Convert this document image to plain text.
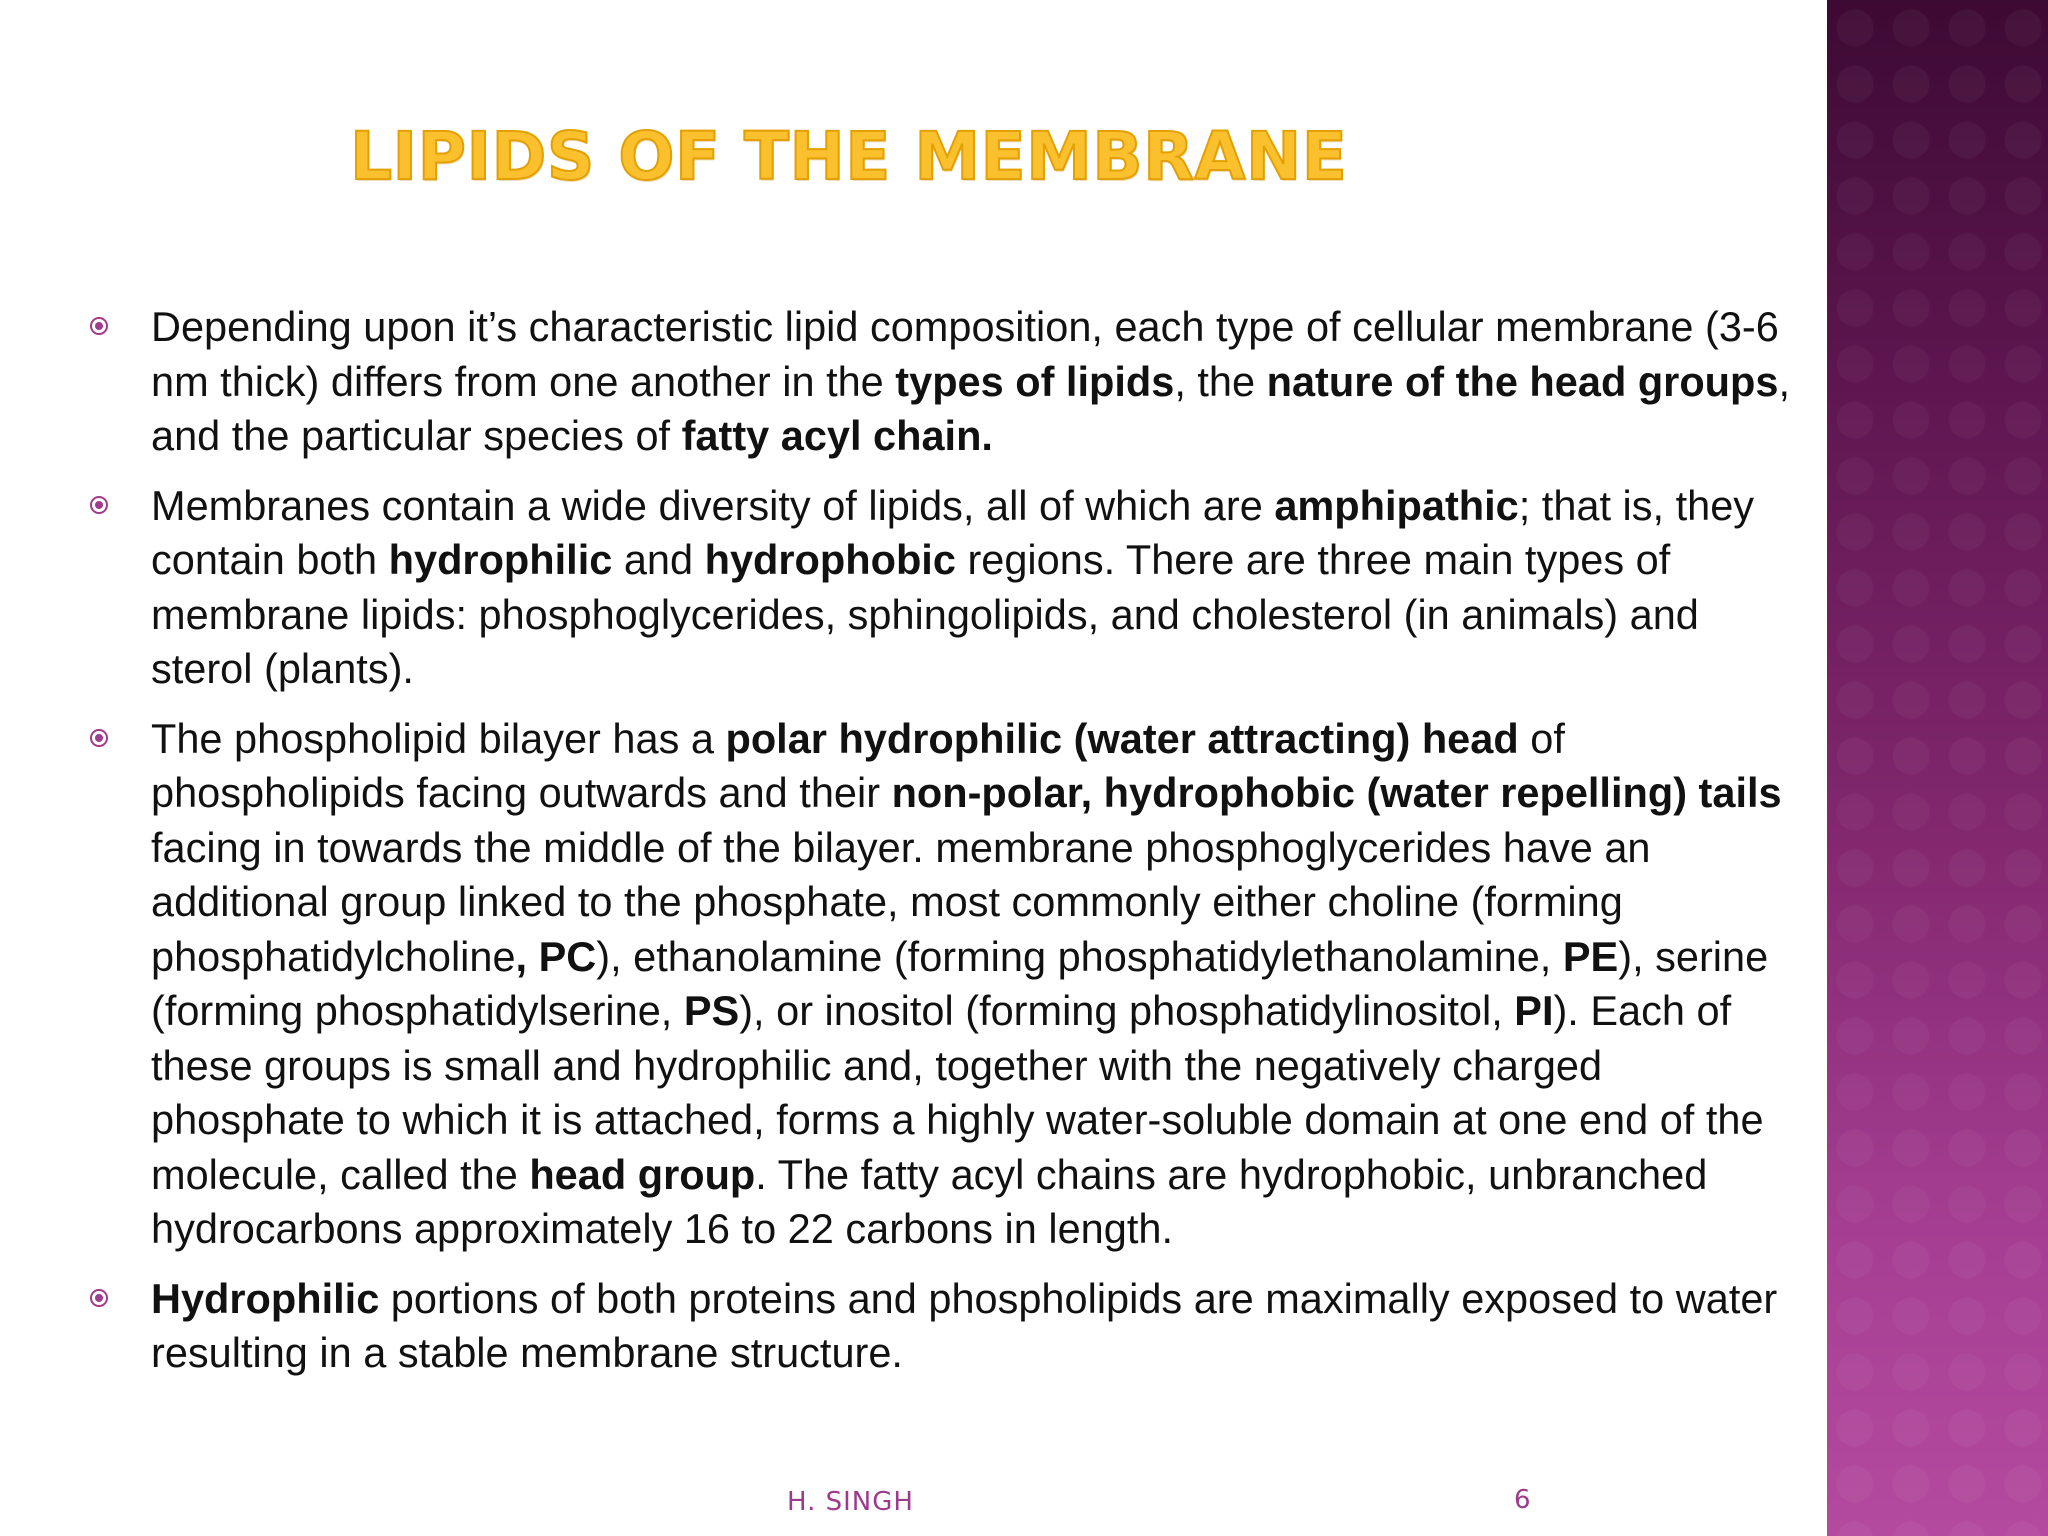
LIPIDS OF THE MEMBRANE
Depending upon it’s characteristic lipid composition, each type of cellular membrane (3-6 nm thick) differs from one another in the types of lipids, the nature of the head groups, and the particular species of fatty acyl chain.
Membranes contain a wide diversity of lipids, all of which are amphipathic; that is, they contain both hydrophilic and hydrophobic regions. There are three main types of membrane lipids: phosphoglycerides, sphingolipids, and cholesterol (in animals) and sterol (plants).
The phospholipid bilayer has a polar hydrophilic (water attracting) head of phospholipids facing outwards and their non-polar, hydrophobic (water repelling) tails facing in towards the middle of the bilayer. membrane phosphoglycerides have an additional group linked to the phosphate, most commonly either choline (forming phosphatidylcholine, PC), ethanolamine (forming phosphatidylethanolamine, PE), serine (forming phosphatidylserine, PS), or inositol (forming phosphatidylinositol, PI). Each of these groups is small and hydrophilic and, together with the negatively charged phosphate to which it is attached, forms a highly water-soluble domain at one end of the molecule, called the head group. The fatty acyl chains are hydrophobic, unbranched hydrocarbons approximately 16 to 22 carbons in length.
Hydrophilic portions of both proteins and phospholipids are maximally exposed to water resulting in a stable membrane structure.
H. SINGH	6
